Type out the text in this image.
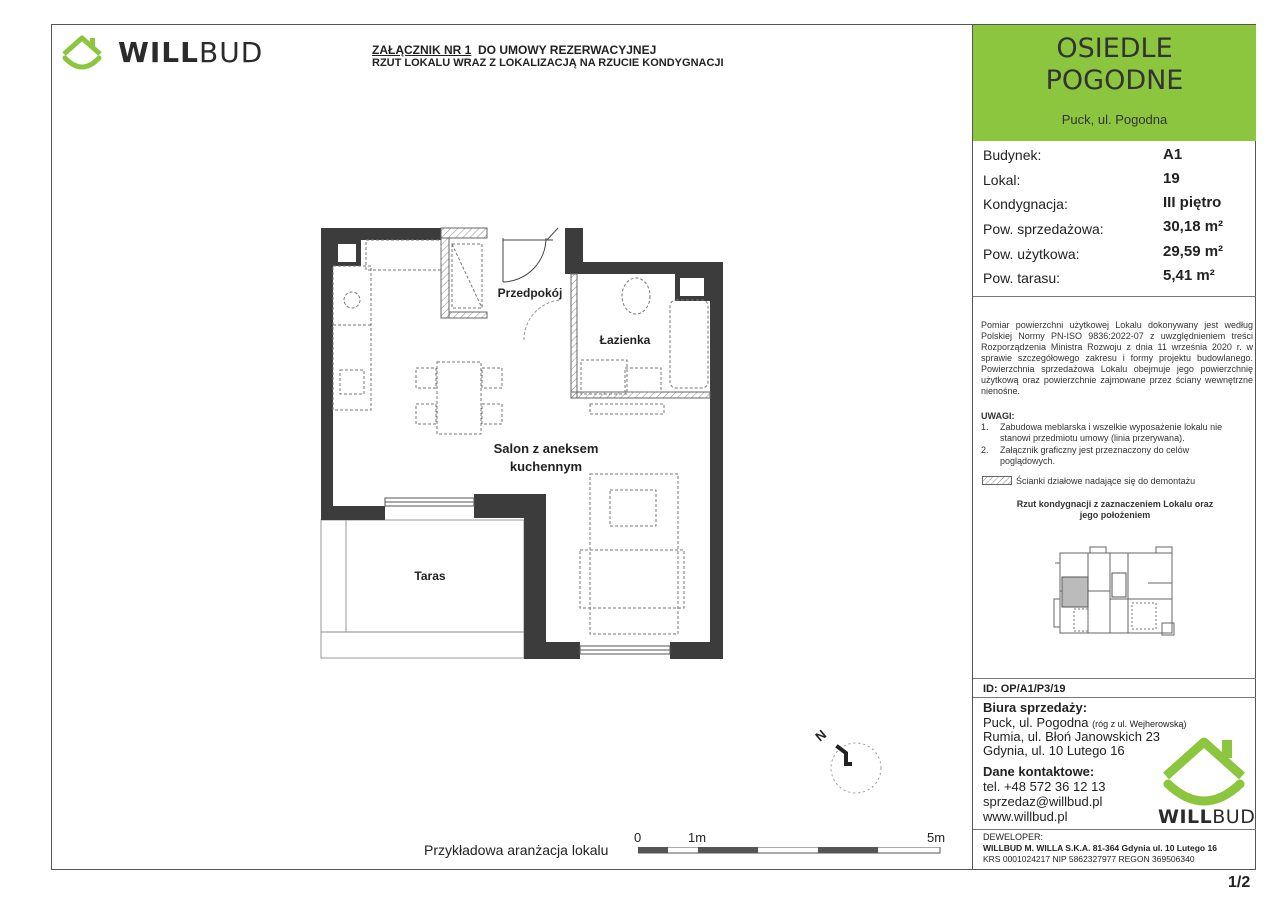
WILLBUD	ZAŁĄCZNIK NR 1 DO UMOWY REZERWACYJNEJ
RZUT LOKALU WRAZ Z LOKALIZACJĄ NA RZUCIE KONDYGNACJI
Przedpokój
Łazienka
Salon z aneksem kuchennym
Taras
N
Przykładowa aranżacja lokalu
0	1m	5m
OSIEDLE
POGODNE
Puck, ul. Pogodna
Budynek:	A1
Lokal:	19
Kondygnacja:	III piętro
Pow. sprzedażowa:	30,18 m²
Pow. użytkowa:	29,59 m²
Pow. tarasu:	5,41 m²
Pomiar powierzchni użytkowej Lokalu dokonywany jest według Polskiej Normy PN-ISO 9836:2022-07 z uwzględnieniem treści Rozporządzenia Ministra Rozwoju z dnia 11 września 2020 r. w sprawie szczegółowego zakresu i formy projektu budowlanego. Powierzchnia sprzedażowa Lokalu obejmuje jego powierzchnię użytkową oraz powierzchnie zajmowane przez ściany wewnętrzne nienośne.
UWAGI:
1. Zabudowa meblarska i wszelkie wyposażenie lokalu nie stanowi przedmiotu umowy (linia przerywana).
2. Załącznik graficzny jest przeznaczony do celów poglądowych.
Ścianki działowe nadające się do demontażu
Rzut kondygnacji z zaznaczeniem Lokalu oraz jego położeniem
ID: OP/A1/P3/19
Biura sprzedaży:
Puck, ul. Pogodna (róg z ul. Wejherowską)
Rumia, ul. Błoń Janowskich 23
Gdynia, ul. 10 Lutego 16
Dane kontaktowe:
tel. +48 572 36 12 13
sprzedaz@willbud.pl
www.willbud.pl	WILLBUD
DEWELOPER:
WILLBUD M. WILLA S.K.A. 81-364 Gdynia ul. 10 Lutego 16
KRS 0001024217 NIP 5862327977 REGON 369506340
1/2
